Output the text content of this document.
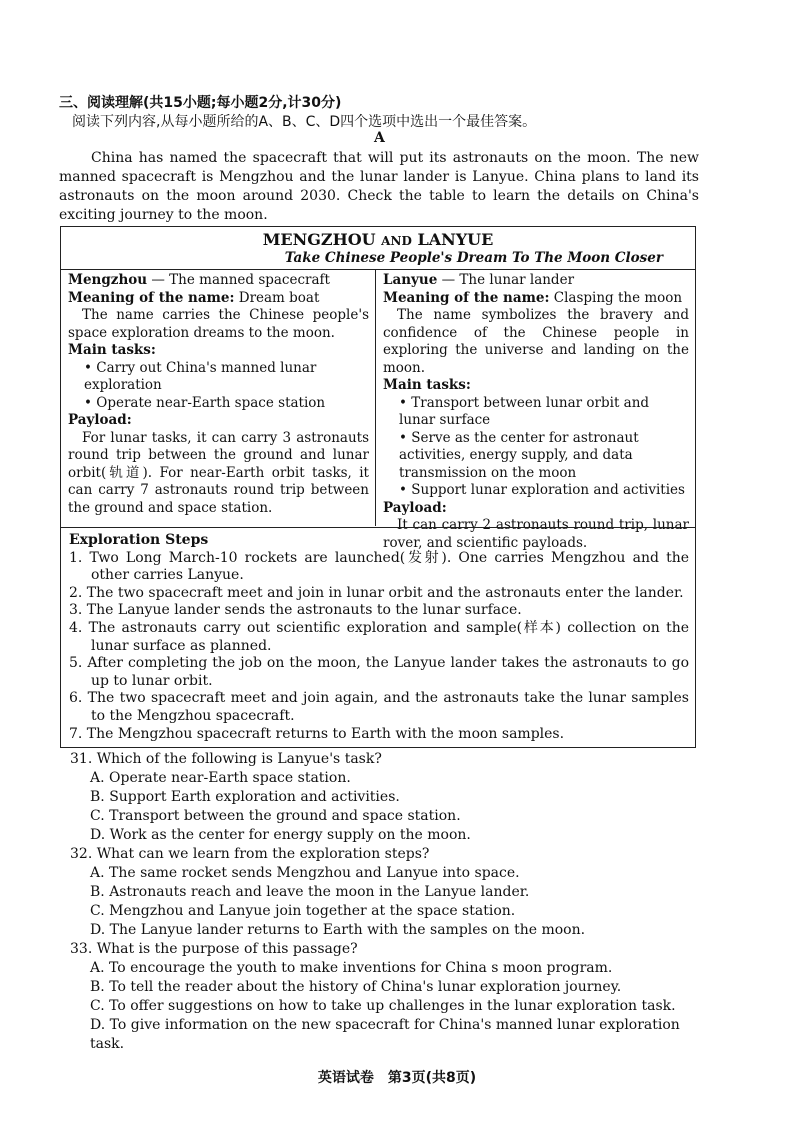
三、阅读理解(共15小题;每小题2分,计30分)
阅读下列内容,从每小题所给的A、B、C、D四个选项中选出一个最佳答案。
A
China has named the spacecraft that will put its astronauts on the moon. The new manned spacecraft is Mengzhou and the lunar lander is Lanyue. China plans to land its astronauts on the moon around 2030. Check the table to learn the details on China's exciting journey to the moon.
MENGZHOU AND LANYUE
Take Chinese People's Dream To The Moon Closer

Mengzhou — The manned spacecraft

Meaning of the name: Dream boat

The name carries the Chinese people's space exploration dreams to the moon.

Main tasks:

• Carry out China's manned lunar exploration

• Operate near-Earth space station

Payload:

For lunar tasks, it can carry 3 astronauts round trip between the ground and lunar orbit(轨道). For near-Earth orbit tasks, it can carry 7 astronauts round trip between the ground and space station.

Lanyue — The lunar lander

Meaning of the name: Clasping the moon

The name symbolizes the bravery and confidence of the Chinese people in exploring the universe and landing on the moon.

Main tasks:

• Transport between lunar orbit and lunar surface

• Serve as the center for astronaut activities, energy supply, and data transmission on the moon

• Support lunar exploration and activities

Payload:

It can carry 2 astronauts round trip, lunar rover, and scientific payloads.

Exploration Steps

1. Two Long March-10 rockets are launched(发射). One carries Mengzhou and the other carries Lanyue.

2. The two spacecraft meet and join in lunar orbit and the astronauts enter the lander.

3. The Lanyue lander sends the astronauts to the lunar surface.

4. The astronauts carry out scientific exploration and sample(样本) collection on the lunar surface as planned.

5. After completing the job on the moon, the Lanyue lander takes the astronauts to go up to lunar orbit.

6. The two spacecraft meet and join again, and the astronauts take the lunar samples to the Mengzhou spacecraft.

7. The Mengzhou spacecraft returns to Earth with the moon samples.

31. Which of the following is Lanyue's task?

A. Operate near-Earth space station.

B. Support Earth exploration and activities.

C. Transport between the ground and space station.

D. Work as the center for energy supply on the moon.

32. What can we learn from the exploration steps?

A. The same rocket sends Mengzhou and Lanyue into space.

B. Astronauts reach and leave the moon in the Lanyue lander.

C. Mengzhou and Lanyue join together at the space station.

D. The Lanyue lander returns to Earth with the samples on the moon.

33. What is the purpose of this passage?

A. To encourage the youth to make inventions for China s moon program.

B. To tell the reader about the history of China's lunar exploration journey.

C. To offer suggestions on how to take up challenges in the lunar exploration task.

D. To give information on the new spacecraft for China's manned lunar exploration task.

英语试卷　第3页(共8页)
